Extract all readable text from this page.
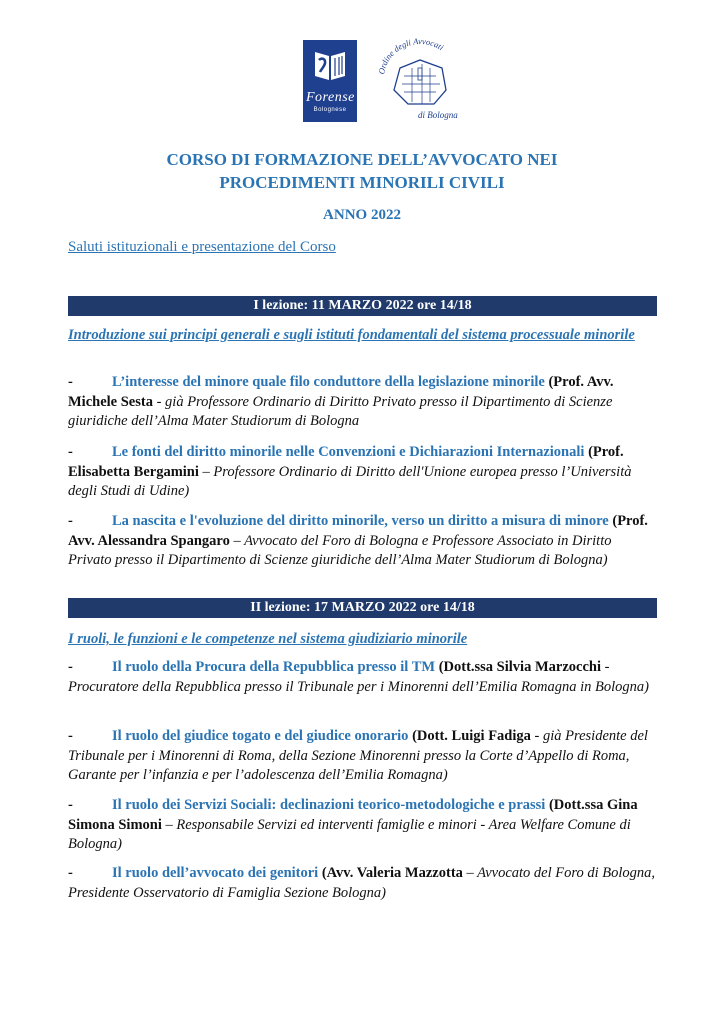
Forense
Bolognese
Ordine degli Avvocati
di Bologna
CORSO DI FORMAZIONE DELL’AVVOCATO NEI
PROCEDIMENTI MINORILI CIVILI
ANNO 2022
Saluti istituzionali e presentazione del Corso
I lezione: 11 MARZO 2022 ore 14/18
Introduzione sui principi generali e sugli istituti fondamentali del sistema processuale minorile
-	L’interesse del minore quale filo conduttore della legislazione minorile (Prof. Avv. Michele Sesta - già Professore Ordinario di Diritto Privato presso il Dipartimento di Scienze giuridiche dell’Alma Mater Studiorum di Bologna
-	Le fonti del diritto minorile nelle Convenzioni e Dichiarazioni Internazionali (Prof. Elisabetta Bergamini – Professore Ordinario di Diritto dell'Unione europea presso l’Università degli Studi di Udine)
-	La nascita e l'evoluzione del diritto minorile, verso un diritto a misura di minore (Prof. Avv. Alessandra Spangaro – Avvocato del Foro di Bologna e Professore Associato in Diritto Privato presso il Dipartimento di Scienze giuridiche dell’Alma Mater Studiorum di Bologna)
II lezione: 17 MARZO 2022 ore 14/18
I ruoli, le funzioni e le competenze nel sistema giudiziario minorile
-	Il ruolo della Procura della Repubblica presso il TM (Dott.ssa Silvia Marzocchi - Procuratore della Repubblica presso il Tribunale per i Minorenni dell’Emilia Romagna in Bologna)
-	Il ruolo del giudice togato e del giudice onorario (Dott. Luigi Fadiga - già Presidente del Tribunale per i Minorenni di Roma, della Sezione Minorenni presso la Corte d’Appello di Roma, Garante per l’infanzia e per l’adolescenza dell’Emilia Romagna)
-	Il ruolo dei Servizi Sociali: declinazioni teorico-metodologiche e prassi (Dott.ssa Gina Simona Simoni – Responsabile Servizi ed interventi famiglie e minori - Area Welfare Comune di Bologna)
-	Il ruolo dell’avvocato dei genitori (Avv. Valeria Mazzotta – Avvocato del Foro di Bologna, Presidente Osservatorio di Famiglia Sezione Bologna)
